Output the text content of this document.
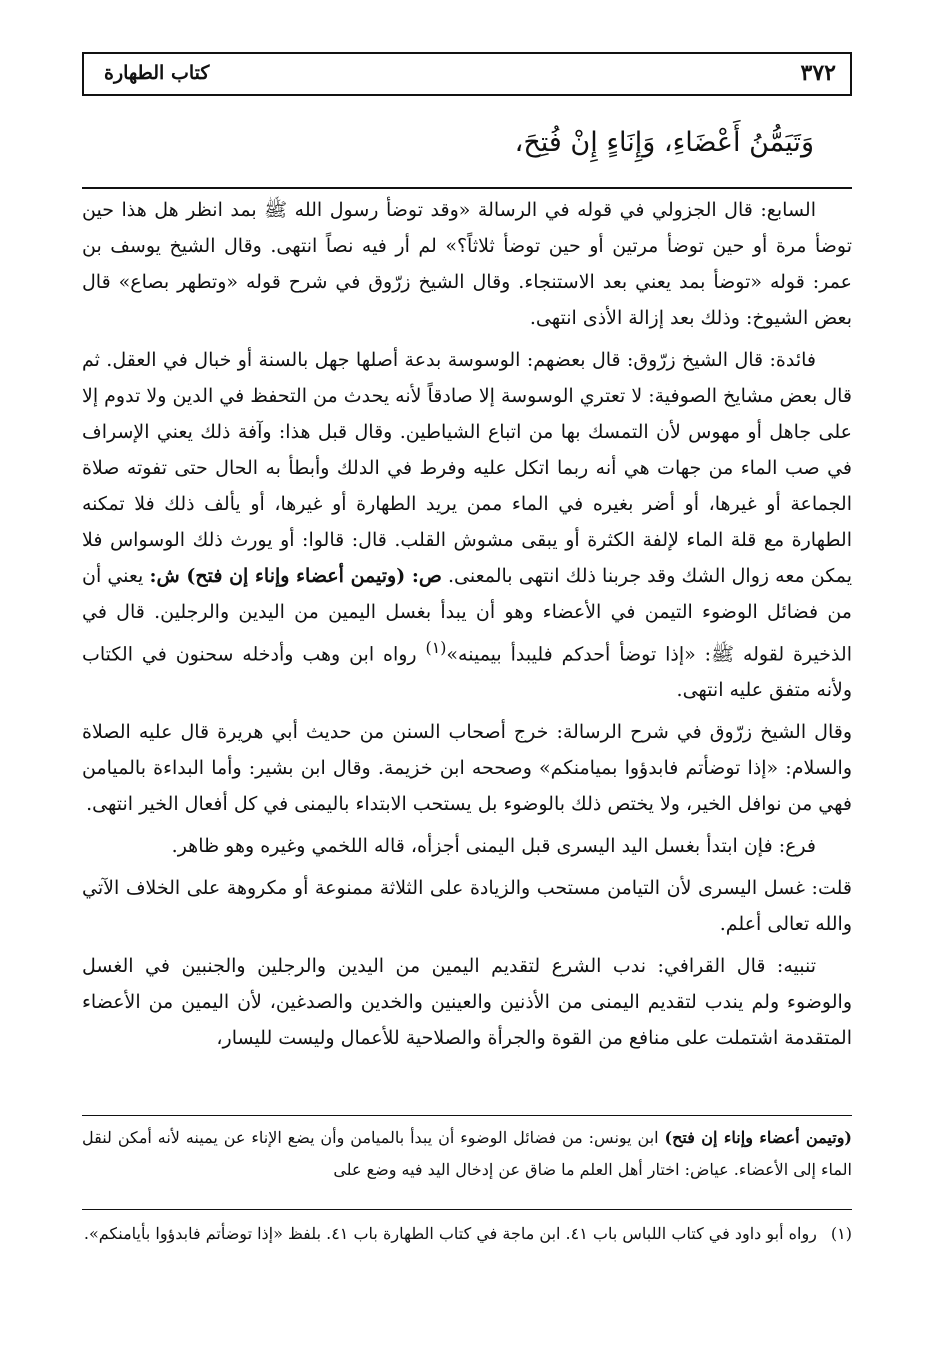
٣٧٢
كتاب الطهارة
وَتَيَمُّنُ أَعْضَاءِ، وَإِنَاءٍ إِنْ فُتِحَ،

السابع: قال الجزولي في قوله في الرسالة «وقد توضأ رسول الله ﷺ بمد انظر هل هذا حين توضأ مرة أو حين توضأ مرتين أو حين توضأ ثلاثاً؟» لم أر فيه نصاً انتهى. وقال الشيخ يوسف بن عمر: قوله «توضأ بمد يعني بعد الاستنجاء. وقال الشيخ زرّوق في شرح قوله «وتطهر بصاع» قال بعض الشيوخ: وذلك بعد إزالة الأذى انتهى.

فائدة: قال الشيخ زرّوق: قال بعضهم: الوسوسة بدعة أصلها جهل بالسنة أو خبال في العقل. ثم قال بعض مشايخ الصوفية: لا تعتري الوسوسة إلا صادقاً لأنه يحدث من التحفظ في الدين ولا تدوم إلا على جاهل أو مهوس لأن التمسك بها من اتباع الشياطين. وقال قبل هذا: وآفة ذلك يعني الإسراف في صب الماء من جهات هي أنه ربما اتكل عليه وفرط في الدلك وأبطأ به الحال حتى تفوته صلاة الجماعة أو غيرها، أو أضر بغيره في الماء ممن يريد الطهارة أو غيرها، أو يألف ذلك فلا تمكنه الطهارة مع قلة الماء لإلفة الكثرة أو يبقى مشوش القلب. قال: قالوا: أو يورث ذلك الوسواس فلا يمكن معه زوال الشك وقد جربنا ذلك انتهى بالمعنى. ص: (وتيمن أعضاء وإناء إن فتح) ش: يعني أن من فضائل الوضوء التيمن في الأعضاء وهو أن يبدأ بغسل اليمين من اليدين والرجلين. قال في الذخيرة لقوله ﷺ: «إذا توضأ أحدكم فليبدأ بيمينه»$^{(١)}$ رواه ابن وهب وأدخله سحنون في الكتاب ولأنه متفق عليه انتهى.

وقال الشيخ زرّوق في شرح الرسالة: خرج أصحاب السنن من حديث أبي هريرة قال عليه الصلاة والسلام: «إذا توضأتم فابدؤوا بميامنكم» وصححه ابن خزيمة. وقال ابن بشير: وأما البداءة بالميامن فهي من نوافل الخير، ولا يختص ذلك بالوضوء بل يستحب الابتداء باليمنى في كل أفعال الخير انتهى.

فرع: فإن ابتدأ بغسل اليد اليسرى قبل اليمنى أجزأه، قاله اللخمي وغيره وهو ظاهر.

قلت: غسل اليسرى لأن التيامن مستحب والزيادة على الثلاثة ممنوعة أو مكروهة على الخلاف الآتي والله تعالى أعلم.

تنبيه: قال القرافي: ندب الشرع لتقديم اليمين من اليدين والرجلين والجنبين في الغسل والوضوء ولم يندب لتقديم اليمنى من الأذنين والعينين والخدين والصدغين، لأن اليمين من الأعضاء المتقدمة اشتملت على منافع من القوة والجرأة والصلاحية للأعمال وليست لليسار،

(وتيمن أعضاء وإناء إن فتح) ابن يونس: من فضائل الوضوء أن يبدأ بالميامن وأن يضع الإناء عن يمينه لأنه أمكن لنقل الماء إلى الأعضاء. عياض: اختار أهل العلم ما ضاق عن إدخال اليد فيه وضع على

(١)رواه أبو داود في كتاب اللباس باب ٤١. ابن ماجة في كتاب الطهارة باب ٤١. بلفظ «إذا توضأتم فابدؤوا بأيامنكم».
